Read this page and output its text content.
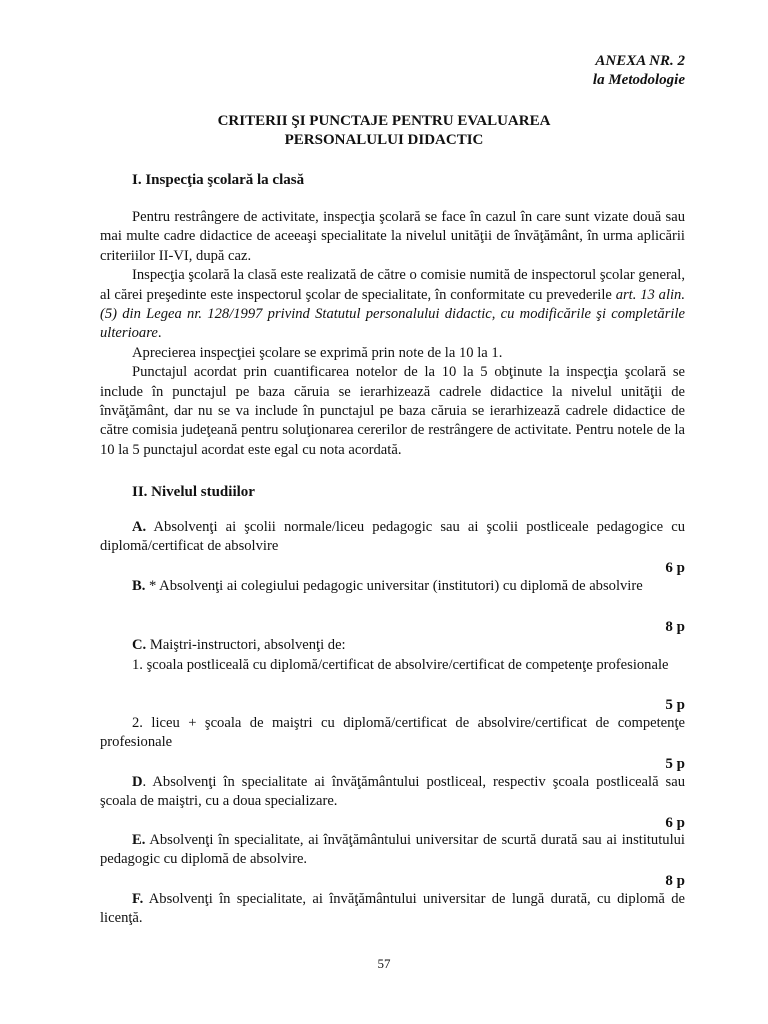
ANEXA NR. 2
la Metodologie
CRITERII ŞI PUNCTAJE PENTRU EVALUAREA
PERSONALULUI DIDACTIC
I. Inspecţia şcolară la clasă

Pentru restrângere de activitate, inspecţia şcolară se face în cazul în care sunt vizate două sau mai multe cadre didactice de aceeaşi specialitate la nivelul unităţii de învăţământ, în urma aplicării criteriilor II-VI, după caz.

Inspecţia şcolară la clasă este realizată de către o comisie numită de inspectorul şcolar general, al cărei preşedinte este inspectorul şcolar de specialitate, în conformitate cu prevederile art. 13 alin. (5) din Legea nr. 128/1997 privind Statutul personalului didactic, cu modificările şi completările ulterioare.

Aprecierea inspecţiei şcolare se exprimă prin note de la 10 la 1.

Punctajul acordat prin cuantificarea notelor de la 10 la 5 obţinute la inspecţia şcolară se include în punctajul pe baza căruia se ierarhizează cadrele didactice la nivelul unităţii de învăţământ, dar nu se va include în punctajul pe baza căruia se ierarhizează cadrele didactice de către comisia judeţeană pentru soluţionarea cererilor de restrângere de activitate. Pentru notele de la 10 la 5 punctajul acordat este egal cu nota acordată.

II. Nivelul studiilor

A. Absolvenţi ai şcolii normale/liceu pedagogic sau ai şcolii postliceale pedagogice cu diplomă/certificat de absolvire

6 p

B. * Absolvenţi ai colegiului pedagogic universitar (institutori) cu diplomă de absolvire

8 p

C. Maiştri-instructori, absolvenţi de:

1. şcoala postliceală cu diplomă/certificat de absolvire/certificat de competenţe profesionale

5 p

2. liceu + şcoala de maiştri cu diplomă/certificat de absolvire/certificat de competenţe profesionale

5 p

D. Absolvenţi în specialitate ai învăţământului postliceal, respectiv şcoala postliceală sau şcoala de maiştri, cu a doua specializare.

6 p

E. Absolvenţi în specialitate, ai învăţământului universitar de scurtă durată sau ai institutului pedagogic cu diplomă de absolvire.

8 p

F. Absolvenţi în specialitate, ai învăţământului universitar de lungă durată, cu diplomă de licenţă.

57
